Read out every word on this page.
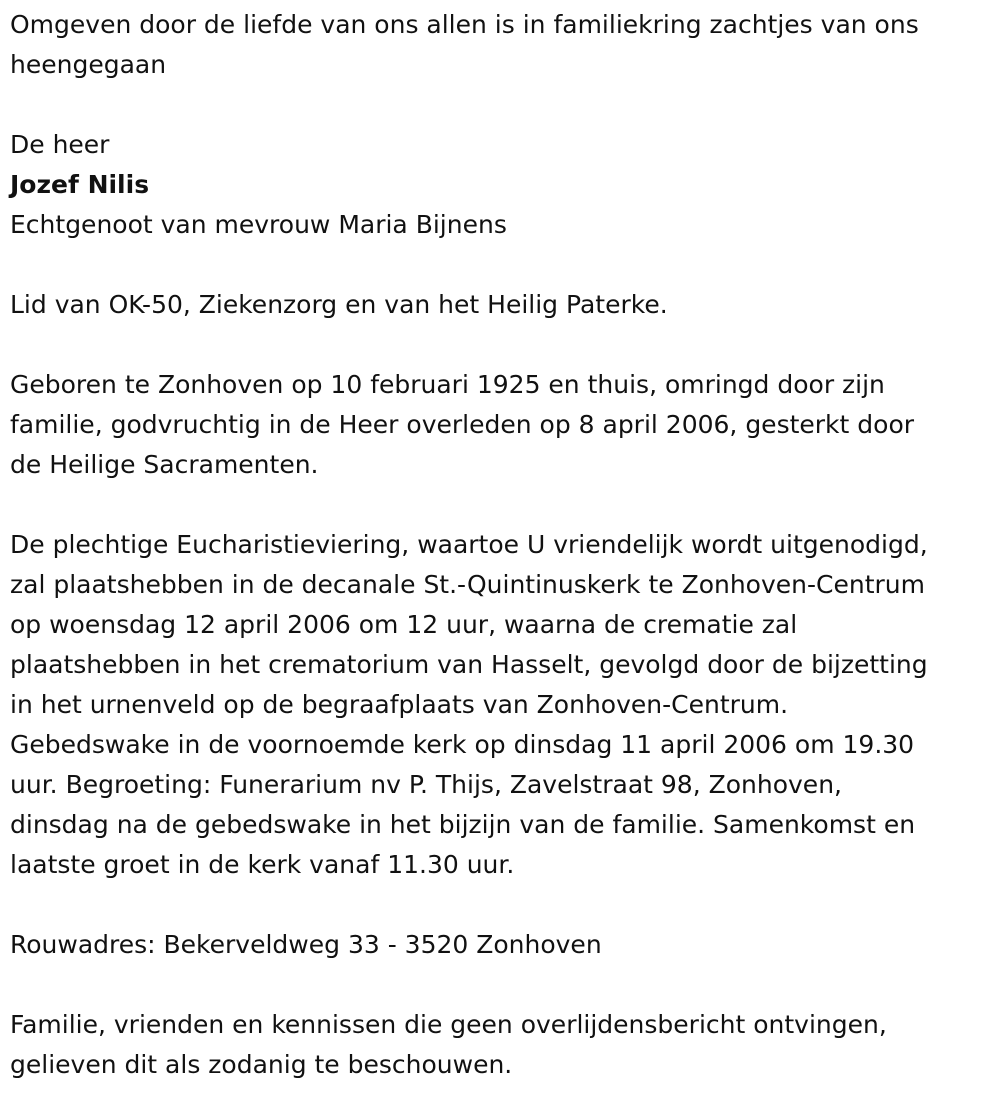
Omgeven door de liefde van ons allen is in familiekring zachtjes van ons
heengegaan

De heer

Jozef Nilis

Echtgenoot van mevrouw Maria Bijnens

Lid van OK-50, Ziekenzorg en van het Heilig Paterke.

Geboren te Zonhoven op 10 februari 1925 en thuis, omringd door zijn
familie, godvruchtig in de Heer overleden op 8 april 2006, gesterkt door
de Heilige Sacramenten.

De plechtige Eucharistieviering, waartoe U vriendelijk wordt uitgenodigd,
zal plaatshebben in de decanale St.-Quintinuskerk te Zonhoven-Centrum
op woensdag 12 april 2006 om 12 uur, waarna de crematie zal
plaatshebben in het crematorium van Hasselt, gevolgd door de bijzetting
in het urnenveld op de begraafplaats van Zonhoven-Centrum.
Gebedswake in de voornoemde kerk op dinsdag 11 april 2006 om 19.30
uur. Begroeting: Funerarium nv P. Thijs, Zavelstraat 98, Zonhoven,
dinsdag na de gebedswake in het bijzijn van de familie. Samenkomst en
laatste groet in de kerk vanaf 11.30 uur.

Rouwadres: Bekerveldweg 33 - 3520 Zonhoven

Familie, vrienden en kennissen die geen overlijdensbericht ontvingen,
gelieven dit als zodanig te beschouwen.
